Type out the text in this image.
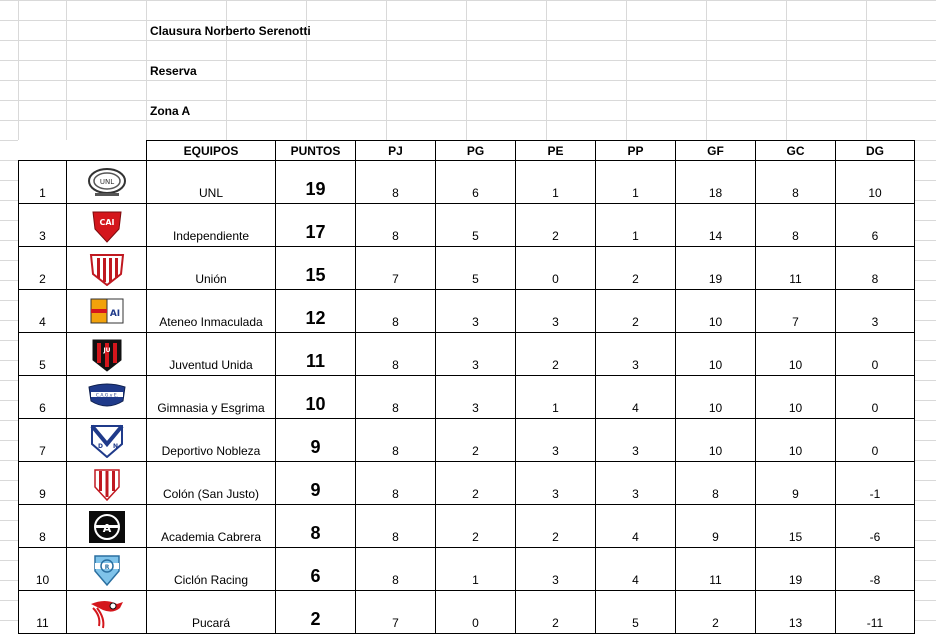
Clausura Norberto Serenotti
Reserva
Zona A
		EQUIPOS	PUNTOS	PJ	PG	PE	PP	GF	GC	DG
1	UNL	UNL	19	8	6	1	1	18	8	10
3	CAI	Independiente	17	8	5	2	1	14	8	6
2		Unión	15	7	5	0	2	19	11	8
4	AI	Ateneo Inmaculada	12	8	3	3	2	10	7	3
5	JU	Juventud Unida	11	8	3	2	3	10	10	0
6	C.A.G.y E.	Gimnasia y Esgrima	10	8	3	1	4	10	10	0
7	D N	Deportivo Nobleza	9	8	2	3	3	10	10	0
9		Colón (San Justo)	9	8	2	3	3	8	9	-1
8	A	Academia Cabrera	8	8	2	2	4	9	15	-6
10	R	Ciclón Racing	6	8	1	3	4	11	19	-8
11		Pucará	2	7	0	2	5	2	13	-11
